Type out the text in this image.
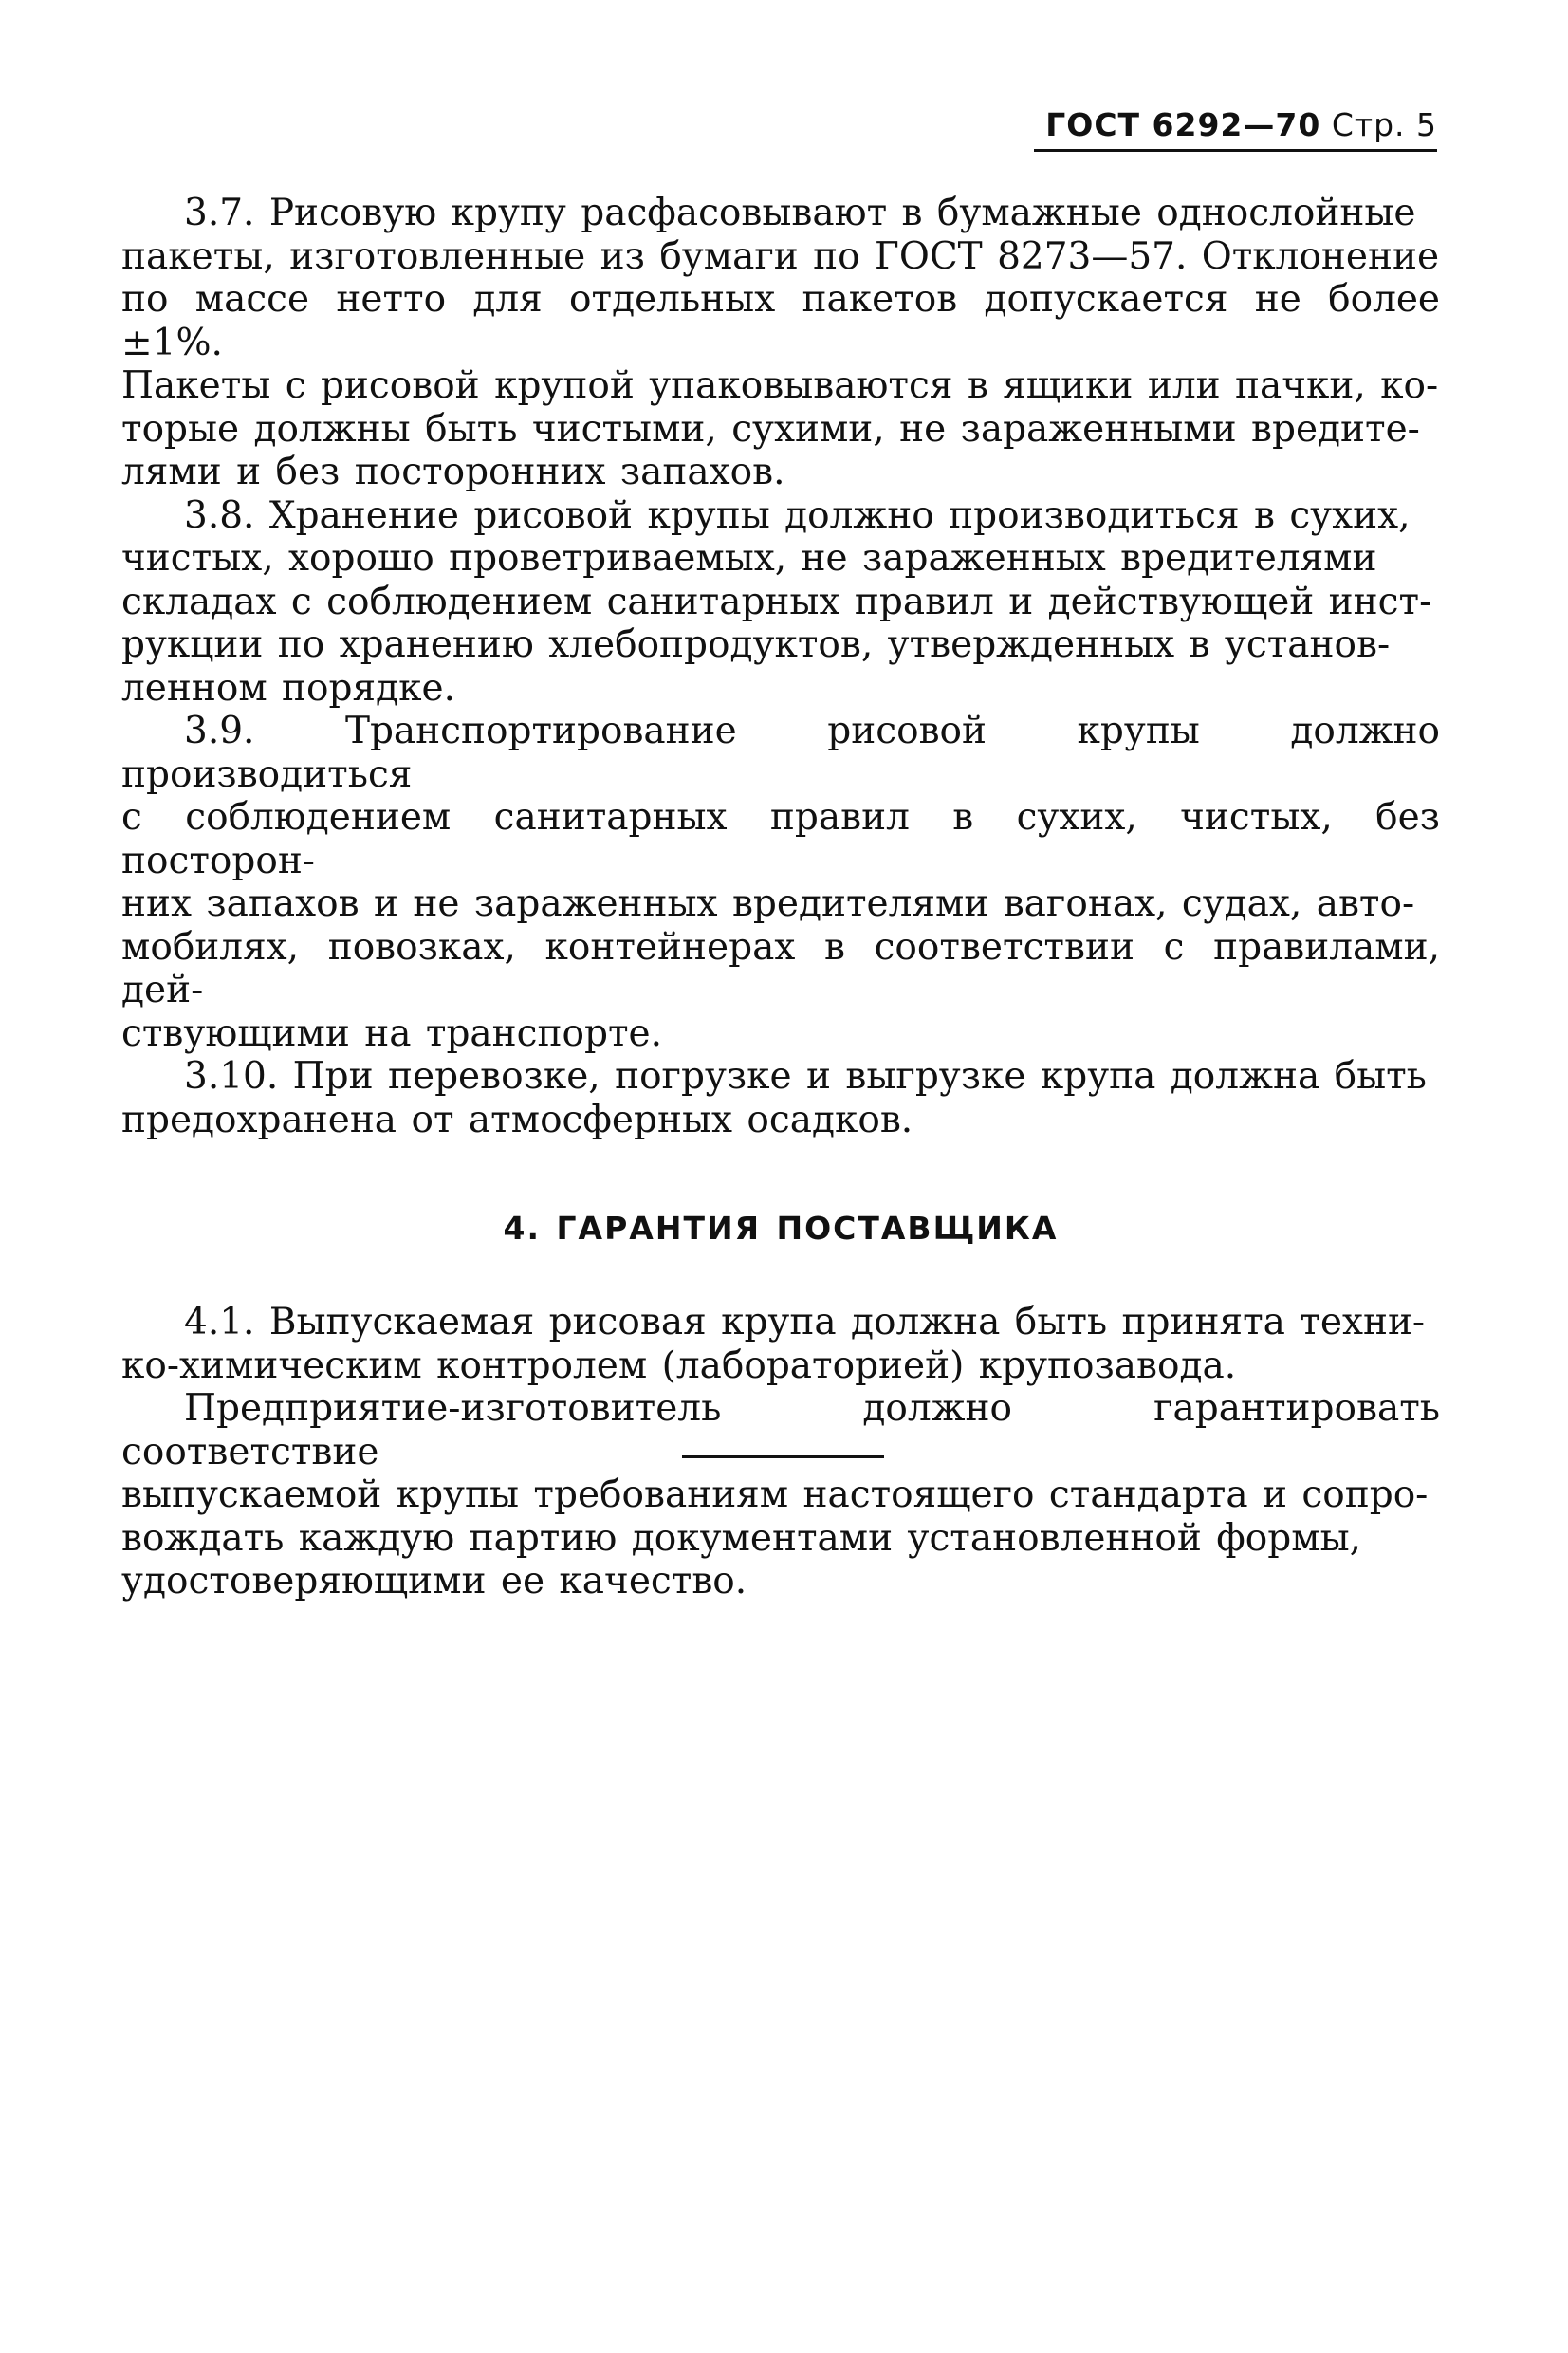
ГОСТ 6292—70 Стр. 5

3.7. Рисовую крупу расфасовывают в бумажные однослойные
пакеты, изготовленные из бумаги по ГОСТ 8273—57. Отклонение
по массе нетто для отдельных пакетов допускается не более ±1%.
Пакеты с рисовой крупой упаковываются в ящики или пачки, ко-
торые должны быть чистыми, сухими, не зараженными вредите-
лями и без посторонних запахов.

3.8. Хранение рисовой крупы должно производиться в сухих,
чистых, хорошо проветриваемых, не зараженных вредителями
складах с соблюдением санитарных правил и действующей инст-
рукции по хранению хлебопродуктов, утвержденных в установ-
ленном порядке.

3.9. Транспортирование рисовой крупы должно производиться
с соблюдением санитарных правил в сухих, чистых, без посторон-
них запахов и не зараженных вредителями вагонах, судах, авто-
мобилях, повозках, контейнерах в соответствии с правилами, дей-
ствующими на транспорте.

3.10. При перевозке, погрузке и выгрузке крупа должна быть
предохранена от атмосферных осадков.

4. ГАРАНТИЯ ПОСТАВЩИКА

4.1. Выпускаемая рисовая крупа должна быть принята техни-
ко-химическим контролем (лабораторией) крупозавода.

Предприятие-изготовитель должно гарантировать соответствие
выпускаемой крупы требованиям настоящего стандарта и сопро-
вождать каждую партию документами установленной формы,
удостоверяющими ее качество.
